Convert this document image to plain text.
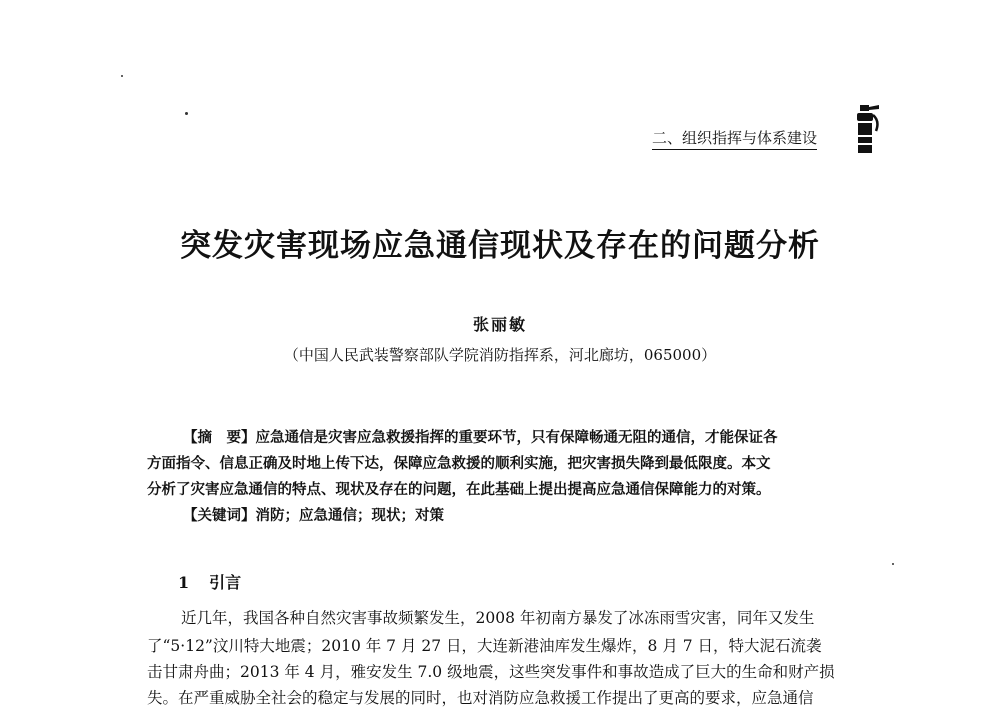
二、组织指挥与体系建设
突发灾害现场应急通信现状及存在的问题分析
张丽敏
（中国人民武装警察部队学院消防指挥系，河北廊坊，065000）
【摘　要】应急通信是灾害应急救援指挥的重要环节，只有保障畅通无阻的通信，才能保证各
方面指令、信息正确及时地上传下达，保障应急救援的顺利实施，把灾害损失降到最低限度。本文
分析了灾害应急通信的特点、现状及存在的问题，在此基础上提出提高应急通信保障能力的对策。
【关键词】消防；应急通信；现状；对策
1 引言
近几年，我国各种自然灾害事故频繁发生，2008 年初南方暴发了冰冻雨雪灾害，同年又发生
了“5·12”汶川特大地震；2010 年 7 月 27 日，大连新港油库发生爆炸，8 月 7 日，特大泥石流袭
击甘肃舟曲；2013 年 4 月，雅安发生 7.0 级地震，这些突发事件和事故造成了巨大的生命和财产损
失。在严重威胁全社会的稳定与发展的同时，也对消防应急救援工作提出了更高的要求，应急通信
